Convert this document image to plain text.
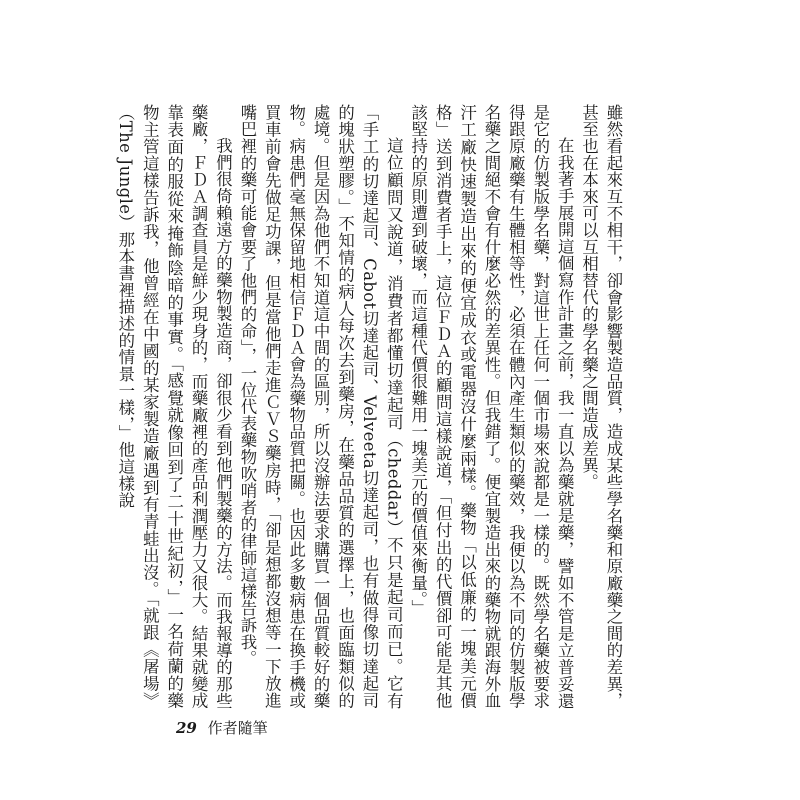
雖然看起來互不相干，卻會影響製造品質，造成某些學名藥和原廠藥之間的差異，甚至也在本來可以互相替代的學名藥之間造成差異。

在我著手展開這個寫作計畫之前，我一直以為藥就是藥，譬如不管是立普妥還是它的仿製版學名藥，對這世上任何一個市場來說都是一樣的。既然學名藥被要求得跟原廠藥有生體相等性，必須在體內產生類似的藥效，我便以為不同的仿製版學名藥之間絕不會有什麼必然的差異性。但我錯了。便宜製造出來的藥物就跟海外血汗工廠快速製造出來的便宜成衣或電器沒什麼兩樣。藥物「以低廉的一塊美元價格」送到消費者手上，這位ＦＤＡ的顧問這樣說道，「但付出的代價卻可能是其他該堅持的原則遭到破壞，而這種代價很難用一塊美元的價值來衡量。」

這位顧問又說道，消費者都懂切達起司（cheddar）不只是起司而已。它有「手工的切達起司、Cabot切達起司、Velveeta切達起司，也有做得像切達起司的塊狀塑膠。」不知情的病人每次去到藥房，在藥品品質的選擇上，也面臨類似的處境。但是因為他們不知道這中間的區別，所以沒辦法要求購買一個品質較好的藥物。病患們毫無保留地相信ＦＤＡ會為藥物品質把關。也因此多數病患在換手機或買車前會先做足功課，但是當他們走進ＣＶＳ藥房時，「卻是想都沒想等一下放進嘴巴裡的藥可能會要了他們的命」，一位代表藥物吹哨者的律師這樣告訴我。

我們很倚賴遠方的藥物製造商，卻很少看到他們製藥的方法。而我報導的那些藥廠，ＦＤＡ調查員是鮮少現身的，而藥廠裡的產品利潤壓力又很大。結果就變成靠表面的服從來掩飾陰暗的事實。「感覺就像回到了二十世紀初，」一名荷蘭的藥物主管這樣告訴我，他曾經在中國的某家製造廠遇到有青蛙出沒。「就跟《屠場》（The Jungle）那本書裡描述的情景一樣，」他這樣說

29 作者隨筆
